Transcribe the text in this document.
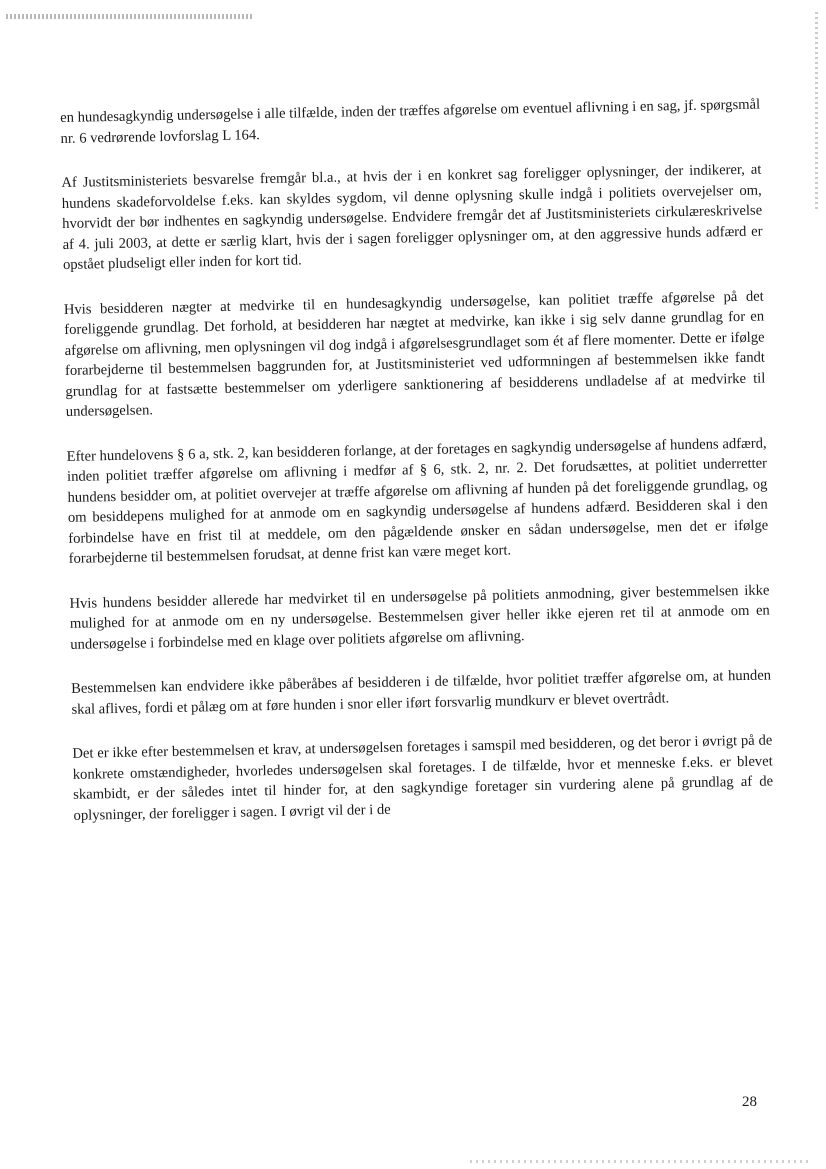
en hundesagkyndig undersøgelse i alle tilfælde, inden der træffes afgørelse om eventuel aflivning i en sag, jf. spørgsmål nr. 6 vedrørende lovforslag L 164.

Af Justitsministeriets besvarelse fremgår bl.a., at hvis der i en konkret sag foreligger oplysninger, der indikerer, at hundens skadeforvoldelse f.eks. kan skyldes sygdom, vil denne oplysning skulle indgå i politiets overvejelser om, hvorvidt der bør indhentes en sagkyndig undersøgelse. Endvidere fremgår det af Justitsministeriets cirkulæreskrivelse af 4. juli 2003, at dette er særlig klart, hvis der i sagen foreligger oplysninger om, at den aggressive hunds adfærd er opstået pludseligt eller inden for kort tid.

Hvis besidderen nægter at medvirke til en hundesagkyndig undersøgelse, kan politiet træffe afgørelse på det foreliggende grundlag. Det forhold, at besidderen har nægtet at medvirke, kan ikke i sig selv danne grundlag for en afgørelse om aflivning, men oplysningen vil dog indgå i afgørelsesgrundlaget som ét af flere momenter. Dette er ifølge forarbejderne til bestemmelsen baggrunden for, at Justitsministeriet ved udformningen af bestemmelsen ikke fandt grundlag for at fastsætte bestemmelser om yderligere sanktionering af besidderens undladelse af at medvirke til undersøgelsen.

Efter hundelovens § 6 a, stk. 2, kan besidderen forlange, at der foretages en sagkyndig undersøgelse af hundens adfærd, inden politiet træffer afgørelse om aflivning i medfør af § 6, stk. 2, nr. 2. Det forudsættes, at politiet underretter hundens besidder om, at politiet overvejer at træffe afgørelse om aflivning af hunden på det foreliggende grundlag, og om besiddерens mulighed for at anmode om en sagkyndig undersøgelse af hundens adfærd. Besidderen skal i den forbindelse have en frist til at meddele, om den pågældende ønsker en sådan undersøgelse, men det er ifølge forarbejderne til bestemmelsen forudsat, at denne frist kan være meget kort.

Hvis hundens besidder allerede har medvirket til en undersøgelse på politiets anmodning, giver bestemmelsen ikke mulighed for at anmode om en ny undersøgelse. Bestemmelsen giver heller ikke ejeren ret til at anmode om en undersøgelse i forbindelse med en klage over politiets afgørelse om aflivning.

Bestemmelsen kan endvidere ikke påberåbes af besidderen i de tilfælde, hvor politiet træffer afgørelse om, at hunden skal aflives, fordi et pålæg om at føre hunden i snor eller iført forsvarlig mundkurv er blevet overtrådt.

Det er ikke efter bestemmelsen et krav, at undersøgelsen foretages i samspil med besidderen, og det beror i øvrigt på de konkrete omstændigheder, hvorledes undersøgelsen skal foretages. I de tilfælde, hvor et menneske f.eks. er blevet skambidt, er der således intet til hinder for, at den sagkyndige foretager sin vurdering alene på grundlag af de oplysninger, der foreligger i sagen. I øvrigt vil der i de

28
